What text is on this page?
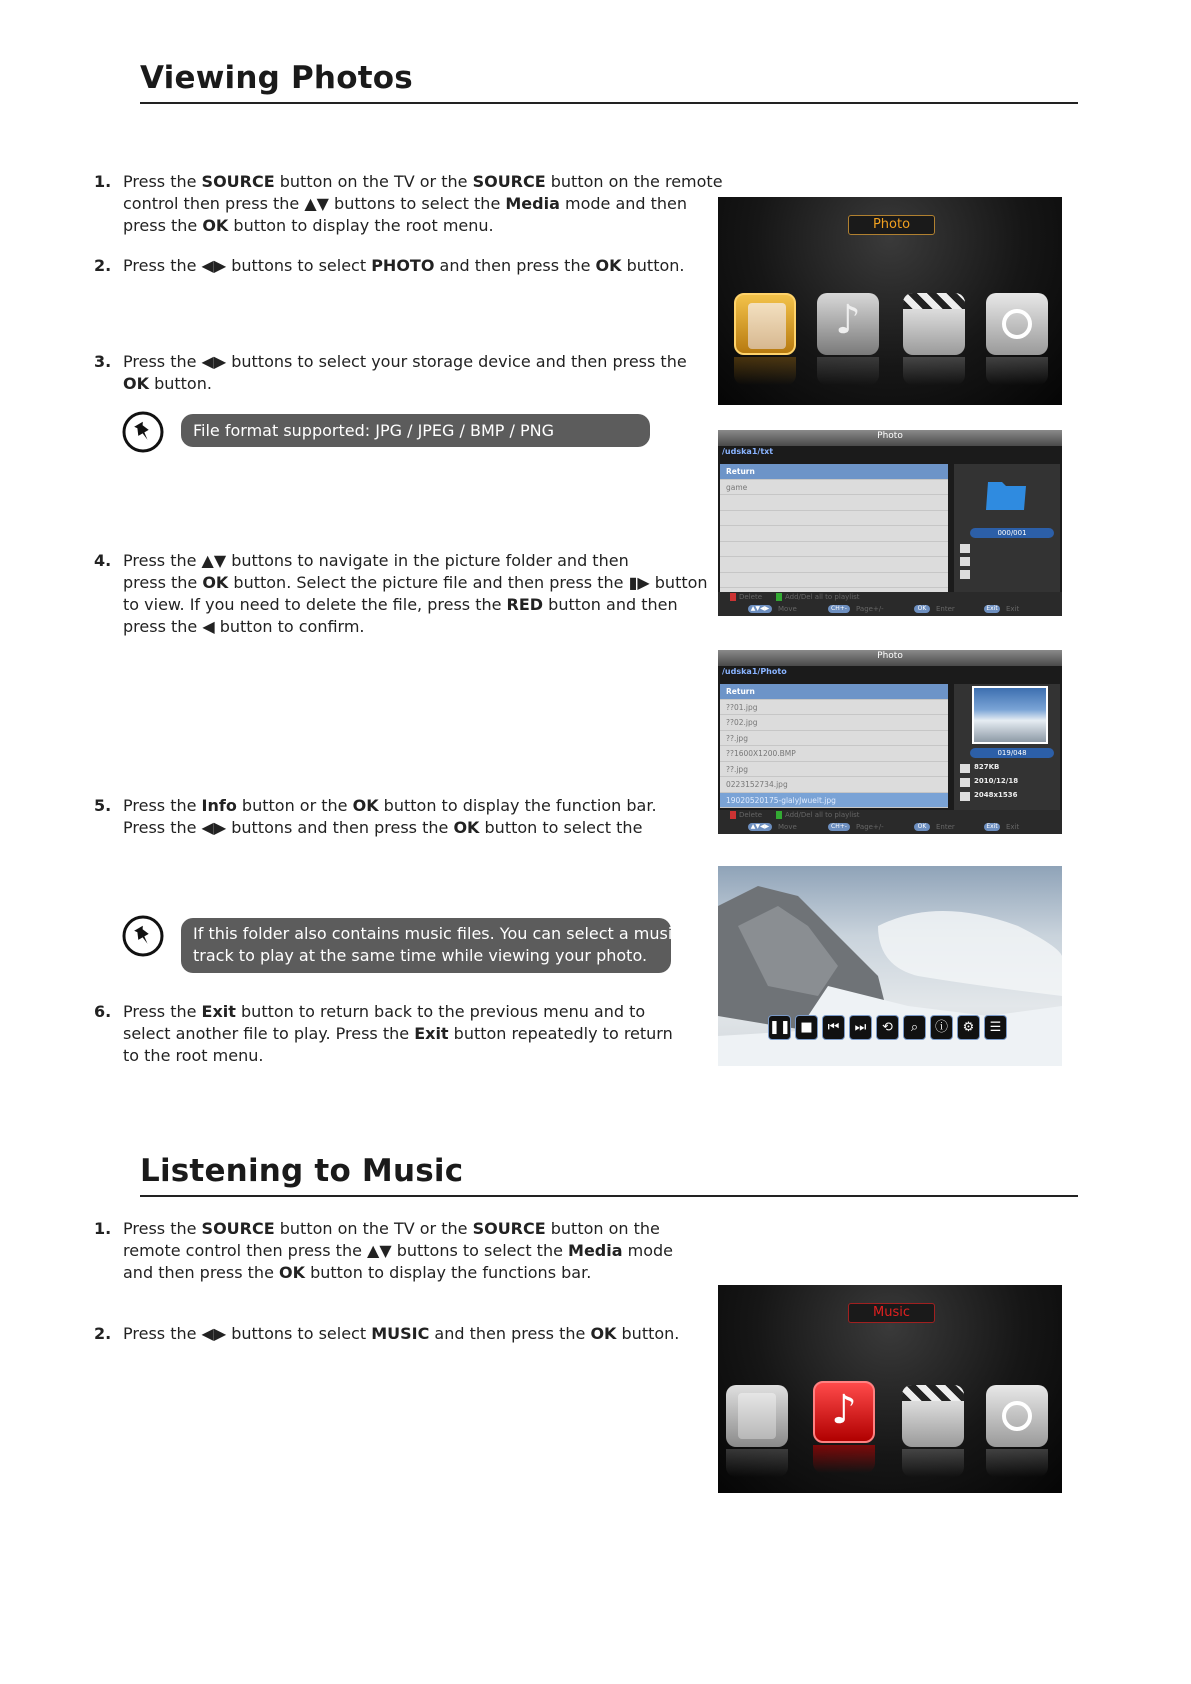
Viewing Photos
1. Press the SOURCE button on the TV or the SOURCE button on the remote
control then press the ▲▼ buttons to select the Media mode and then
press the OK button to display the root menu.
2. Press the ◀▶ buttons to select PHOTO and then press the OK button.
3. Press the ◀▶ buttons to select your storage device and then press the
OK button.
File format supported: JPG / JPEG / BMP / PNG
4. Press the ▲▼ buttons to navigate in the picture folder and then
press the OK button. Select the picture file and then press the ▮▶ button
to view. If you need to delete the file, press the RED button and then
press the ◀ button to confirm.
5. Press the Info button or the OK button to display the function bar.
Press the ◀▶ buttons and then press the OK button to select the
If this folder also contains music files. You can select a music
track to play at the same time while viewing your photo.
6. Press the Exit button to return back to the previous menu and to
select another file to play. Press the Exit button repeatedly to return
to the root menu.
Photo
♪
Photo
/udska1/txt
Return
game
000/001
Delete	Add/Del all to playlist
▲▼◀▶	Move	CH+-	Page+/-	OK	Enter	Exit	Exit
Photo
/udska1/Photo
Return
??01.jpg
??02.jpg
??.jpg
??1600X1200.BMP
??.jpg
0223152734.jpg
19020520175-glalyJwuelt.jpg
019/048
827KB
2010/12/18
2048x1536
Delete	Add/Del all to playlist
▲▼◀▶	Move	CH+-	Page+/-	OK	Enter	Exit	Exit
❚❚ ■	⏮	⏭	⟲	⌕	ⓘ	⚙	☰
Listening to Music
1. Press the SOURCE button on the TV or the SOURCE button on the
remote control then press the ▲▼ buttons to select the Media mode
and then press the OK button to display the functions bar.
2. Press the ◀▶ buttons to select MUSIC and then press the OK button.
Music
♪
